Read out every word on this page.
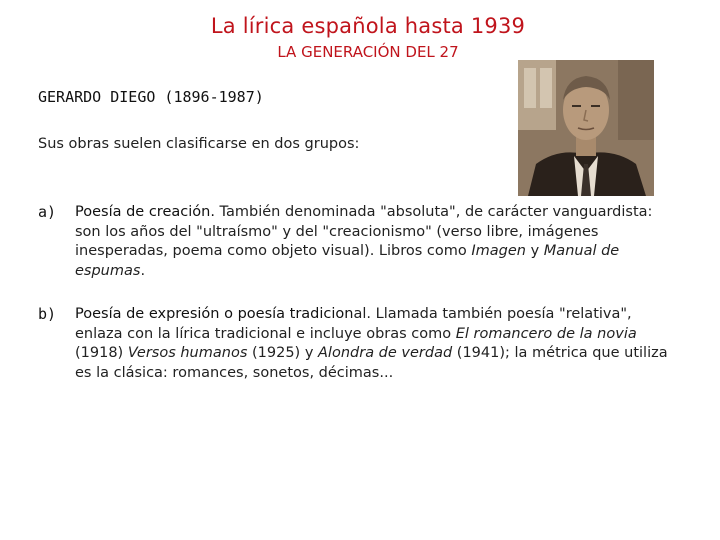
La lírica española hasta 1939
LA GENERACIÓN DEL 27
GERARDO DIEGO (1896-1987)
Sus obras suelen clasificarse en dos grupos:
a) Poesía de creación. También denominada "absoluta", de carácter vanguardista: son los años del "ultraísmo" y del "creacionismo" (verso libre, imágenes inesperadas, poema como objeto visual). Libros como Imagen y Manual de espumas.
b) Poesía de expresión o poesía tradicional. Llamada también poesía "relativa", enlaza con la lírica tradicional e incluye obras como El romancero de la novia (1918) Versos humanos (1925) y Alondra de verdad (1941); la métrica que utiliza es la clásica: romances, sonetos, décimas...
